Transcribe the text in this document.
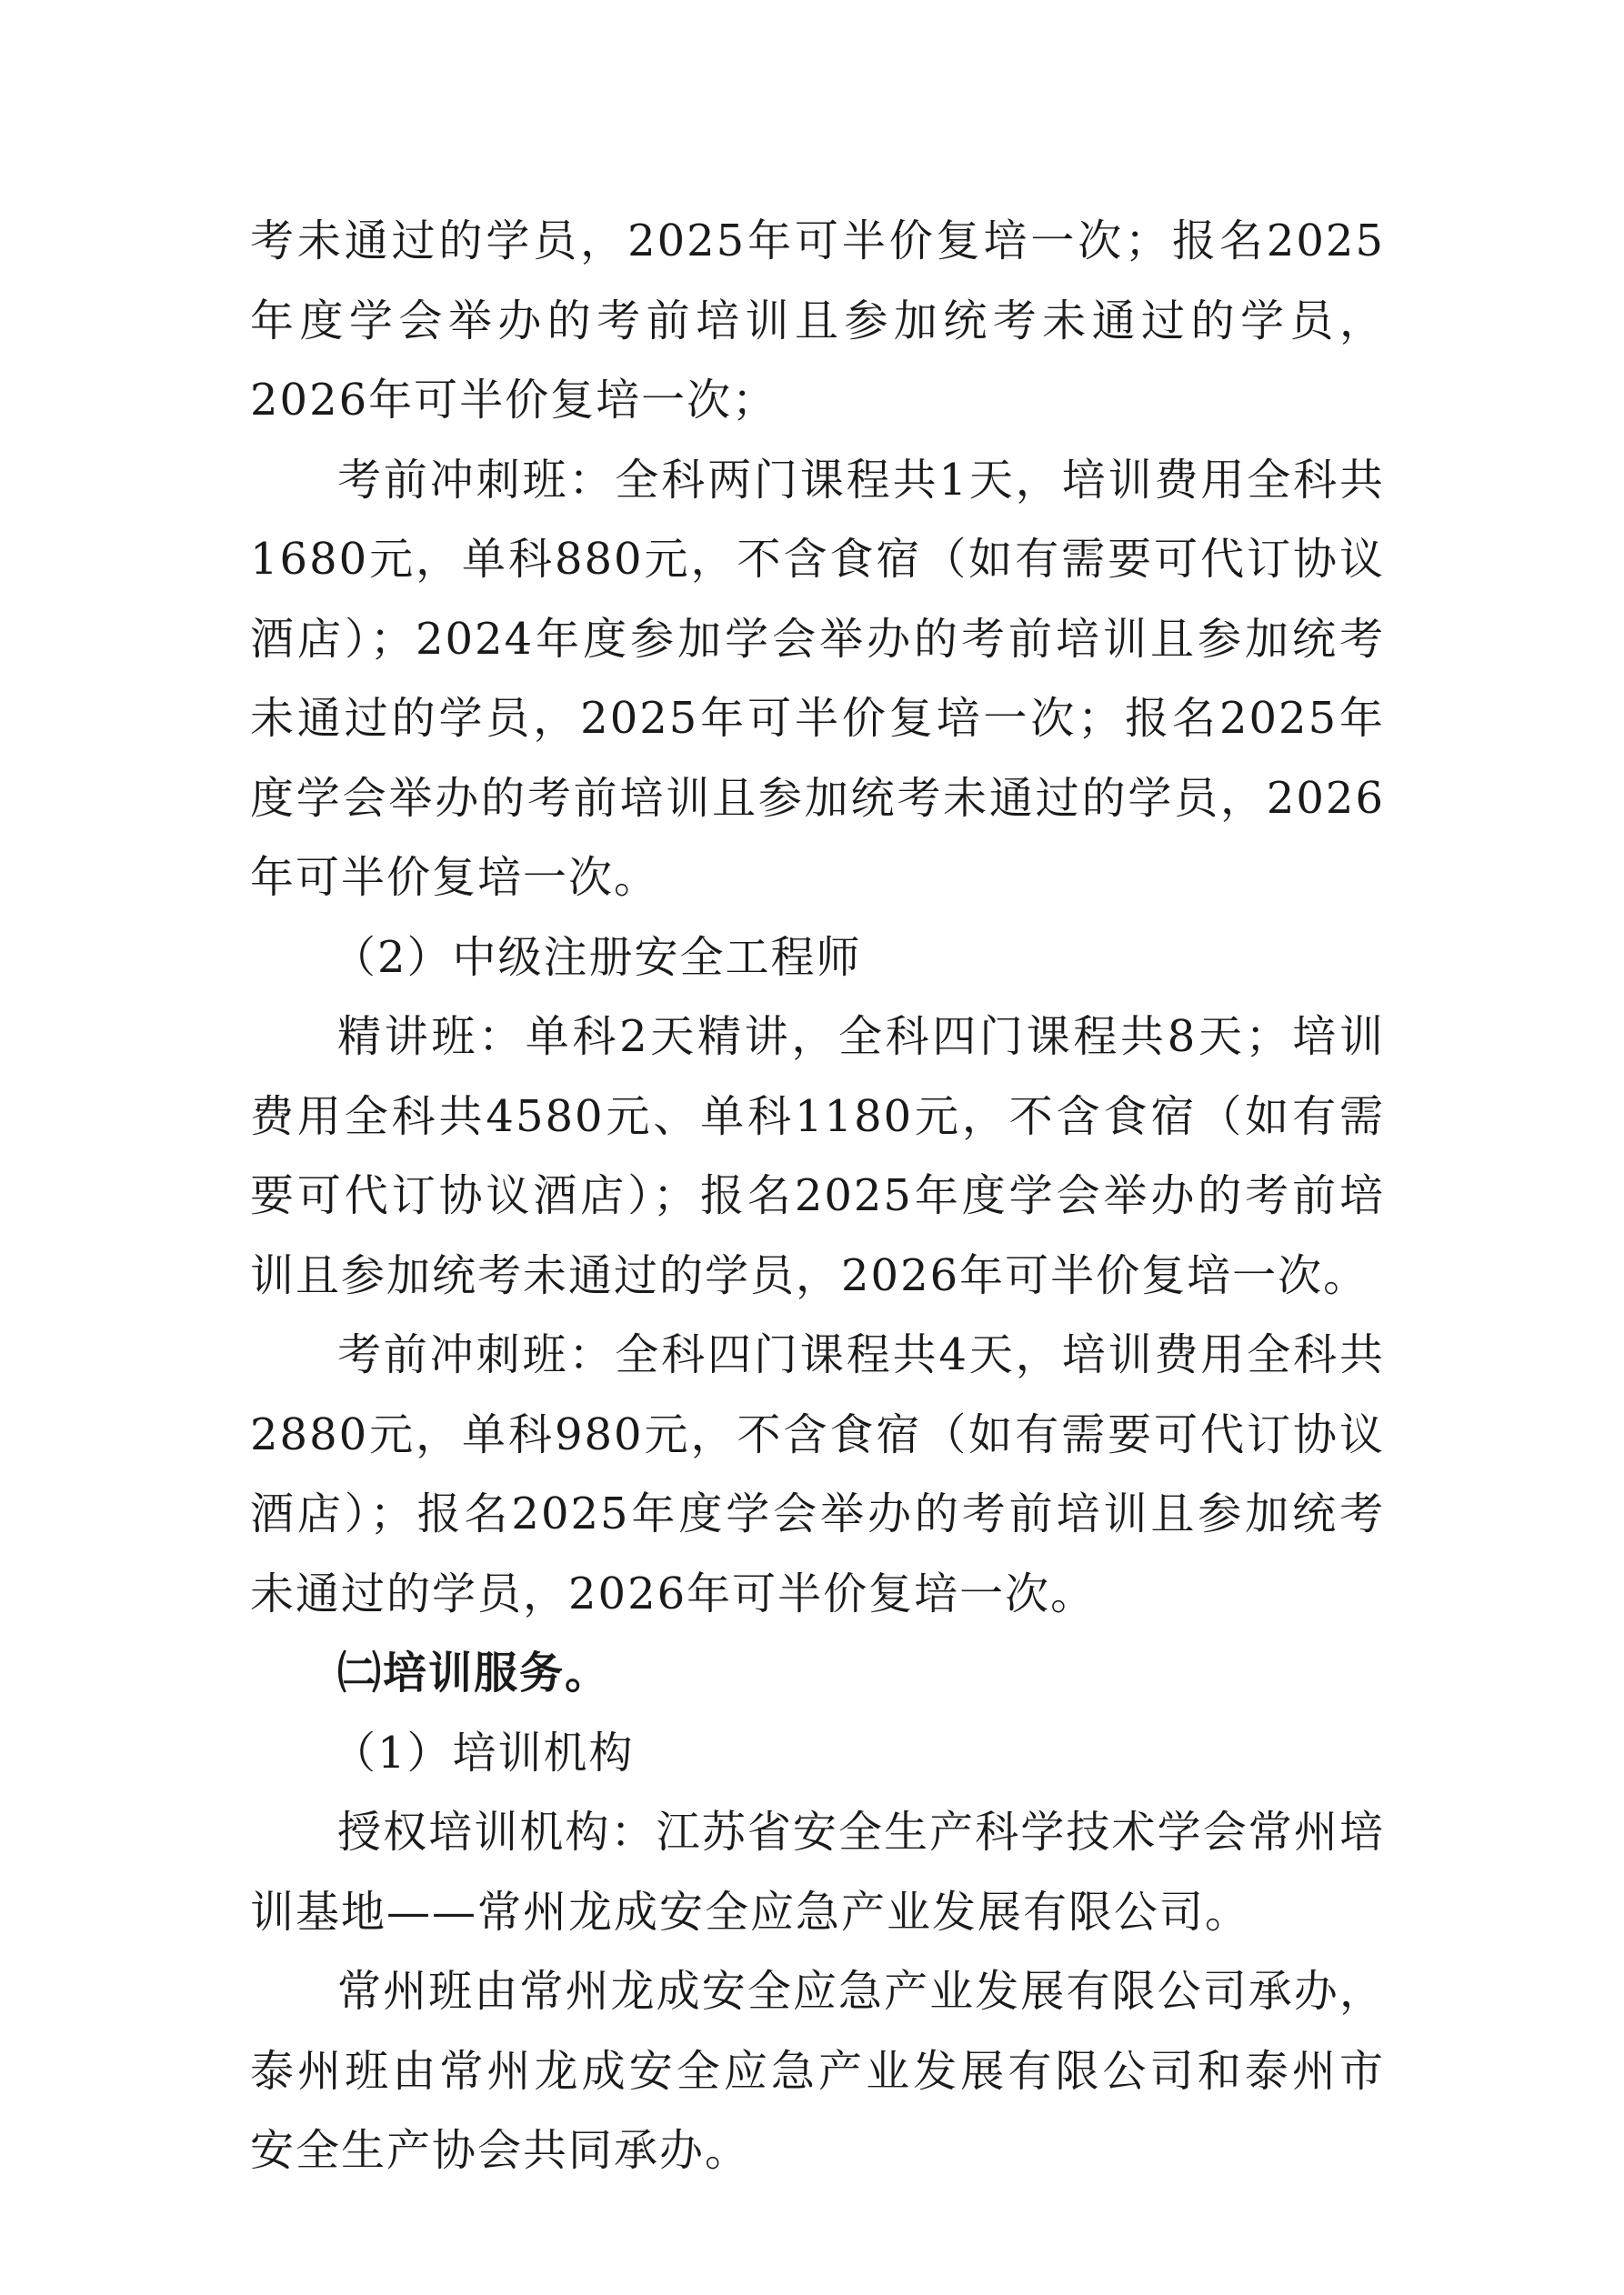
考未通过的学员，2025年可半价复培一次；报名2025年度学会举办的考前培训且参加统考未通过的学员，2026年可半价复培一次；

考前冲刺班：全科两门课程共1天，培训费用全科共1680元，单科880元，不含食宿（如有需要可代订协议酒店）；2024年度参加学会举办的考前培训且参加统考未通过的学员，2025年可半价复培一次；报名2025年度学会举办的考前培训且参加统考未通过的学员，2026年可半价复培一次。

（2）中级注册安全工程师

精讲班：单科2天精讲，全科四门课程共8天；培训费用全科共4580元、单科1180元，不含食宿（如有需要可代订协议酒店）；报名2025年度学会举办的考前培训且参加统考未通过的学员，2026年可半价复培一次。

考前冲刺班：全科四门课程共4天，培训费用全科共2880元，单科980元，不含食宿（如有需要可代订协议酒店）；报名2025年度学会举办的考前培训且参加统考未通过的学员，2026年可半价复培一次。

㈡培训服务。

（1）培训机构

授权培训机构：江苏省安全生产科学技术学会常州培训基地——常州龙成安全应急产业发展有限公司。

常州班由常州龙成安全应急产业发展有限公司承办，泰州班由常州龙成安全应急产业发展有限公司和泰州市安全生产协会共同承办。
